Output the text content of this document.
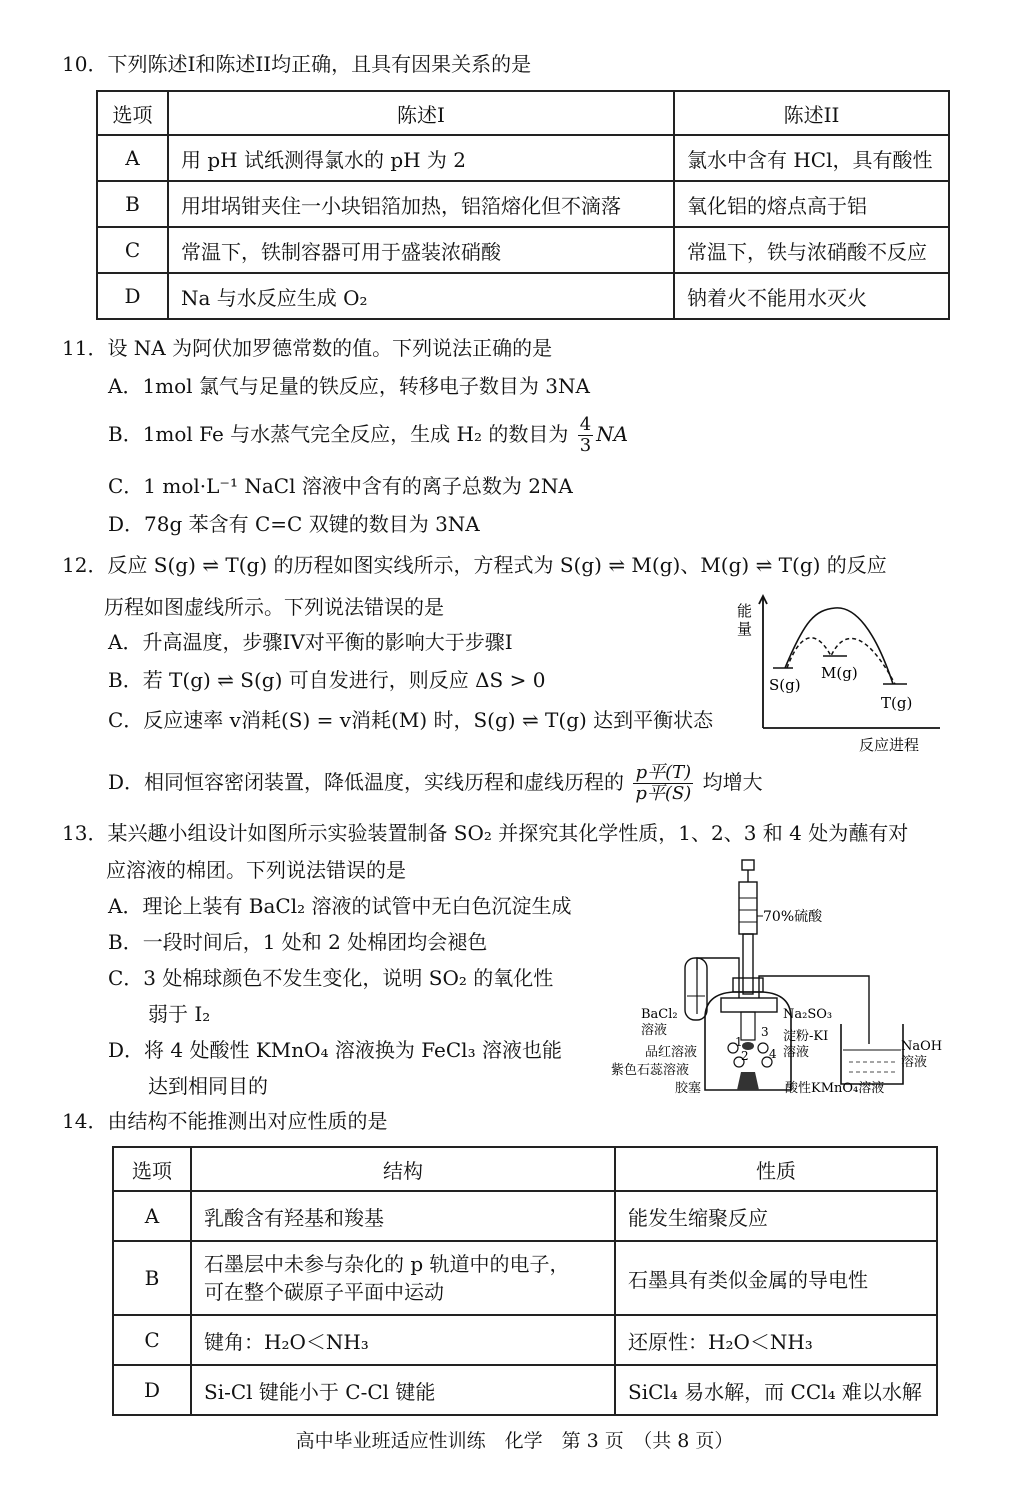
10．下列陈述I和陈述II均正确，且具有因果关系的是
选项	陈述I	陈述II
A	用 pH 试纸测得氯水的 pH 为 2	氯水中含有 HCl，具有酸性
B	用坩埚钳夹住一小块铝箔加热，铝箔熔化但不滴落	氧化铝的熔点高于铝
C	常温下，铁制容器可用于盛装浓硝酸	常温下，铁与浓硝酸不反应
D	Na 与水反应生成 O₂	钠着火不能用水灭火
11．设 NA 为阿伏加罗德常数的值。下列说法正确的是
A．1mol 氯气与足量的铁反应，转移电子数目为 3NA
B．1mol Fe 与水蒸气完全反应，生成 H₂ 的数目为 $\frac{4}{3}$ NA
C．1 mol·L⁻¹ NaCl 溶液中含有的离子总数为 2NA
D．78g 苯含有 C=C 双键的数目为 3NA
12．反应 S(g) ⇌ T(g) 的历程如图实线所示，方程式为 S(g) ⇌ M(g)、M(g) ⇌ T(g) 的反应
历程如图虚线所示。下列说法错误的是
A．升高温度，步骤IV对平衡的影响大于步骤I
B．若 T(g) ⇌ S(g) 可自发进行，则反应 ΔS > 0
C．反应速率 v消耗(S) = v消耗(M) 时，S(g) ⇌ T(g) 达到平衡状态
D．相同恒容密闭装置，降低温度，实线历程和虚线历程的 $\frac{\text{p平(T)}}{\text{p平(S)}}$ 均增大
能
量
S(g)
M(g)
T(g)
反应进程
13．某兴趣小组设计如图所示实验装置制备 SO₂ 并探究其化学性质，1、2、3 和 4 处为蘸有对
应溶液的棉团。下列说法错误的是
A．理论上装有 BaCl₂ 溶液的试管中无白色沉淀生成
B．一段时间后，1 处和 2 处棉团均会褪色
C．3 处棉球颜色不发生变化，说明 SO₂ 的氧化性
弱于 I₂
D．将 4 处酸性 KMnO₄ 溶液换为 FeCl₃ 溶液也能
达到相同目的
70%硫酸
1
2
3
4
Na₂SO₃
BaCl₂
溶液	淀粉-KI
溶液	NaOH
溶液
品红溶液
紫色石蕊溶液
胶塞	酸性KMnO₄溶液
14．由结构不能推测出对应性质的是
选项	结构	性质
A	乳酸含有羟基和羧基	能发生缩聚反应
B	石墨层中未参与杂化的 p 轨道中的电子，
可在整个碳原子平面中运动	石墨具有类似金属的导电性
C	键角：H₂O＜NH₃	还原性：H₂O＜NH₃
D	Si-Cl 键能小于 C-Cl 键能	SiCl₄ 易水解，而 CCl₄ 难以水解
高中毕业班适应性训练　化学　第 3 页　（共 8 页）
